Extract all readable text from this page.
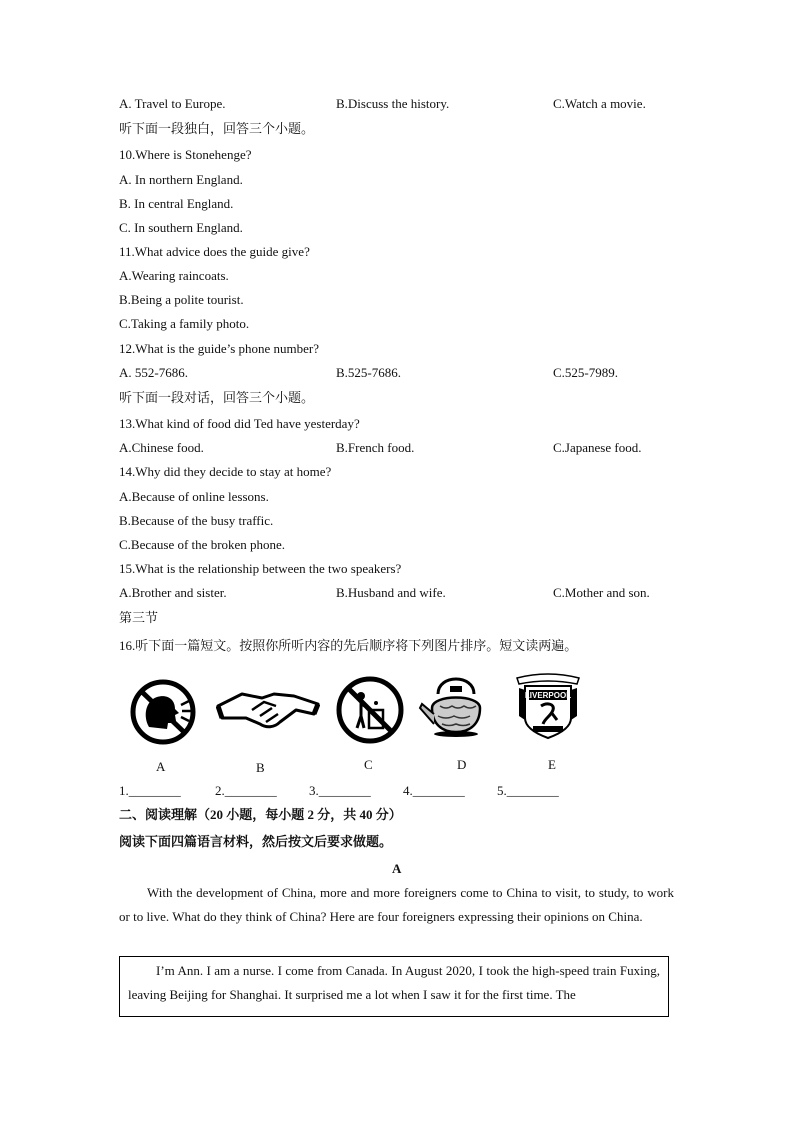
A. Travel to Europe.	B.Discuss the history.	C.Watch a movie.
听下面一段独白，回答三个小题。
10.Where is Stonehenge?
A. In northern England.
B. In central England.
C. In southern England.
11.What advice does the guide give?
A.Wearing raincoats.
B.Being a polite tourist.
C.Taking a family photo.
12.What is the guide’s phone number?
A. 552-7686.	B.525-7686.	C.525-7989.
听下面一段对话，回答三个小题。
13.What kind of food did Ted have yesterday?
A.Chinese food.	B.French food.	C.Japanese food.
14.Why did they decide to stay at home?
A.Because of online lessons.
B.Because of the busy traffic.
C.Because of the broken phone.
15.What is the relationship between the two speakers?
A.Brother and sister.	B.Husband and wife.	C.Mother and son.
第三节
16.听下面一篇短文。按照你所听内容的先后顺序将下列图片排序。短文读两遍。
LIVERPOOL
A	B	C	D	E
1.________	2.________ 3.________ 4.________ 5.________
二、阅读理解（20 小题，每小题 2 分，共 40 分）
阅读下面四篇语言材料，然后按文后要求做题。
A
With the development of China, more and more foreigners come to China to visit, to study, to work or to live. What do they think of China? Here are four foreigners expressing their opinions on China.
I’m Ann. I am a nurse. I come from Canada. In August 2020, I took the high-speed train Fuxing, leaving Beijing for Shanghai. It surprised me a lot when I saw it for the first time. The
